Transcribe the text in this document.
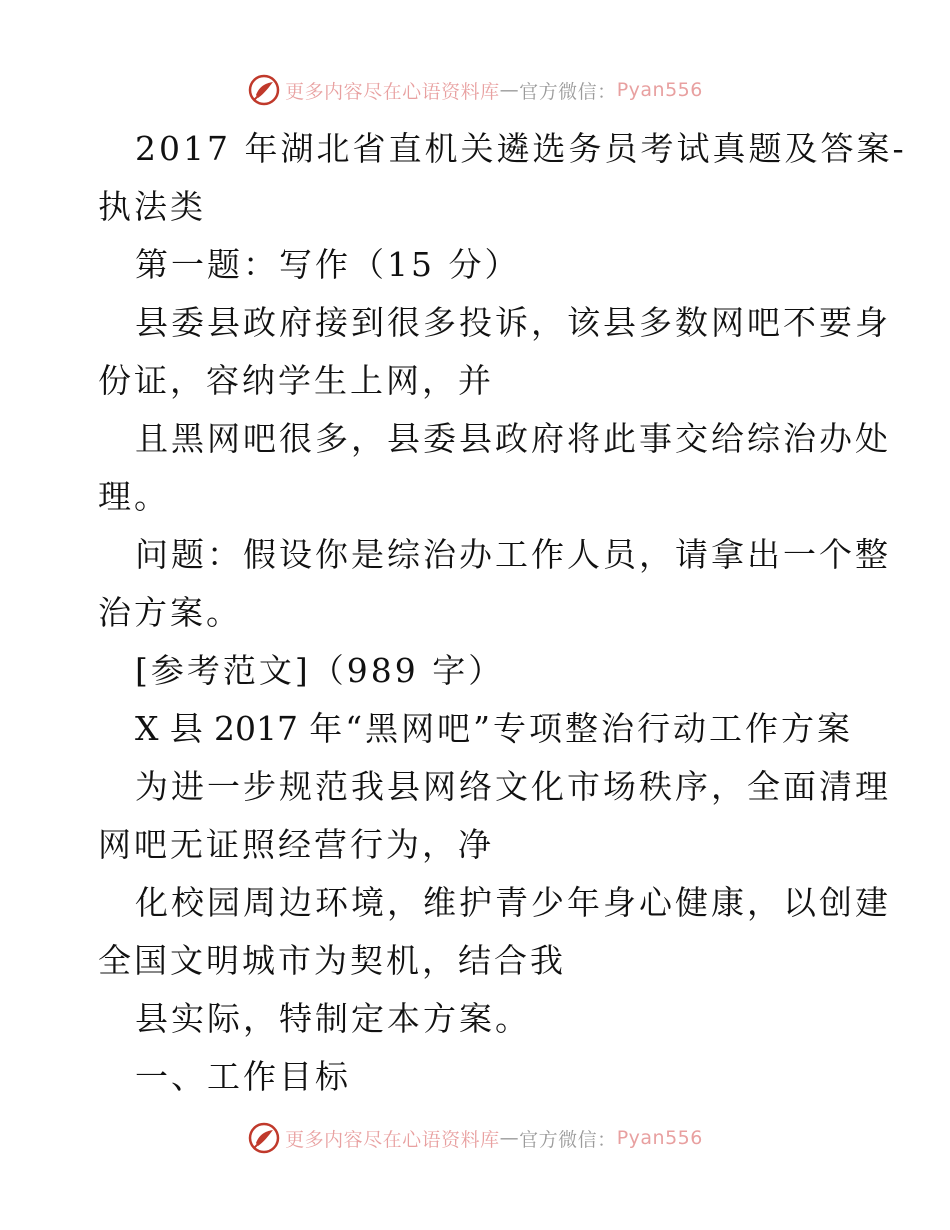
更多内容尽在心语资料库 — 官方微信： Pyan556
2017 年湖北省直机关遴选务员考试真题及答案-
执法类
第一题：写作（15 分）
县委县政府接到很多投诉，该县多数网吧不要身
份证，容纳学生上网，并
且黑网吧很多，县委县政府将此事交给综治办处
理。
问题：假设你是综治办工作人员，请拿出一个整
治方案。
[参考范文]（989 字）
X 县 2017 年“黑网吧”专项整治行动工作方案
为进一步规范我县网络文化市场秩序，全面清理
网吧无证照经营行为，净
化校园周边环境，维护青少年身心健康，以创建
全国文明城市为契机，结合我
县实际，特制定本方案。
一、工作目标
更多内容尽在心语资料库 — 官方微信： Pyan556
